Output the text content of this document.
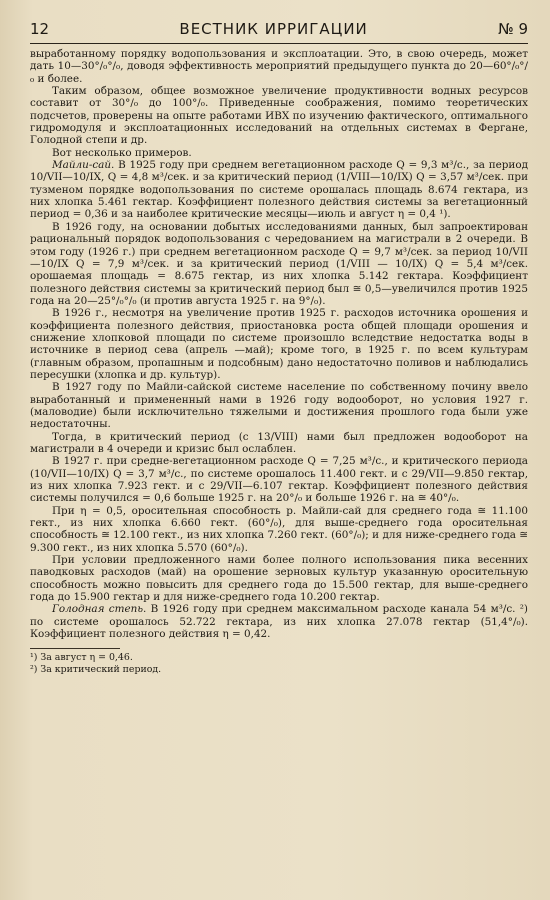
12	ВЕСТНИК ИРРИГАЦИИ	№ 9

выработанному порядку водопользования и эксплоатации. Это, в свою очередь, может дать 10—30°/₀°/₀, доводя эффективность мероприятий предыдущего пункта до 20—60°/₀°/₀ и более.

Таким образом, общее возможное увеличение продуктивности водных ресурсов составит от 30°/₀ до 100°/₀. Приведенные соображения, помимо теоретических подсчетов, проверены на опыте работами ИВХ по изучению фактического, оптимального гидромодуля и эксплоатационных исследований на отдельных системах в Фергане, Голодной степи и др.

Вот несколько примеров.

Майли-сай. В 1925 году при среднем вегетационном расходе Q = 9,3 м³/с., за период 10/VII—10/IX, Q = 4,8 м³/сек. и за критический период (1/VIII—10/IX) Q = 3,57 м³/сек. при тузменом порядке водопользования по системе орошалась площадь 8.674 гектара, из них хлопка 5.461 гектар. Коэффициент полезного действия системы за вегетационный период = 0,36 и за наиболее критические месяцы—июль и август η = 0,4 ¹).

В 1926 году, на основании добытых исследованиями данных, был запроектирован рациональный порядок водопользования с чередованием на магистрали в 2 очереди. В этом году (1926 г.) при среднем вегетационном расходе Q = 9,7 м³/сек. за период 10/VII—10/IX Q = 7,9 м³/сек. и за критический период (1/VIII — 10/IX) Q = 5,4 м³/сек. орошаемая площадь = 8.675 гектар, из них хлопка 5.142 гектара. Коэффициент полезного действия системы за критический период был ≅ 0,5—увеличился против 1925 года на 20—25°/₀°/₀ (и против августа 1925 г. на 9°/₀).

В 1926 г., несмотря на увеличение против 1925 г. расходов источника орошения и коэффициента полезного действия, приостановка роста общей площади орошения и снижение хлопковой площади по системе произошло вследствие недостатка воды в источнике в период сева (апрель —май); кроме того, в 1925 г. по всем культурам (главным образом, пропашным и подсобным) дано недостаточно поливов и наблюдались пересушки (хлопка и др. культур).

В 1927 году по Майли-сайской системе население по собственному почину ввело выработанный и примененный нами в 1926 году водооборот, но условия 1927 г. (маловодие) были исключительно тяжелыми и достижения прошлого года были уже недостаточны.

Тогда, в критический период (с 13/VIII) нами был предложен водооборот на магистрали в 4 очереди и кризис был ослаблен.

В 1927 г. при средне-вегетационном расходе Q = 7,25 м³/с., и критического периода (10/VII—10/IX) Q = 3,7 м³/с., по системе орошалось 11.400 гект. и с 29/VII—9.850 гектар, из них хлопка 7.923 гект. и с 29/VII—6.107 гектар. Коэффициент полезного действия системы получился = 0,6 больше 1925 г. на 20°/₀ и больше 1926 г. на ≅ 40°/₀.

При η = 0,5, оросительная способность р. Майли-сай для среднего года ≅ 11.100 гект., из них хлопка 6.660 гект. (60°/₀), для выше-среднего года оросительная способность ≅ 12.100 гект., из них хлопка 7.260 гект. (60°/₀); и для ниже-среднего года ≅ 9.300 гект., из них хлопка 5.570 (60°/₀).

При условии предложенного нами более полного использования пика весенних паводковых расходов (май) на орошение зерновых культур указанную оросительную способность можно повысить для среднего года до 15.500 гектар, для выше-среднего года до 15.900 гектар и для ниже-среднего года 10.200 гектар.

Голодная степь. В 1926 году при среднем максимальном расходе канала 54 м³/с. ²) по системе орошалось 52.722 гектара, из них хлопка 27.078 гектар (51,4°/₀). Коэффициент полезного действия η = 0,42.

¹) За август η = 0,46.
²) За критический период.
